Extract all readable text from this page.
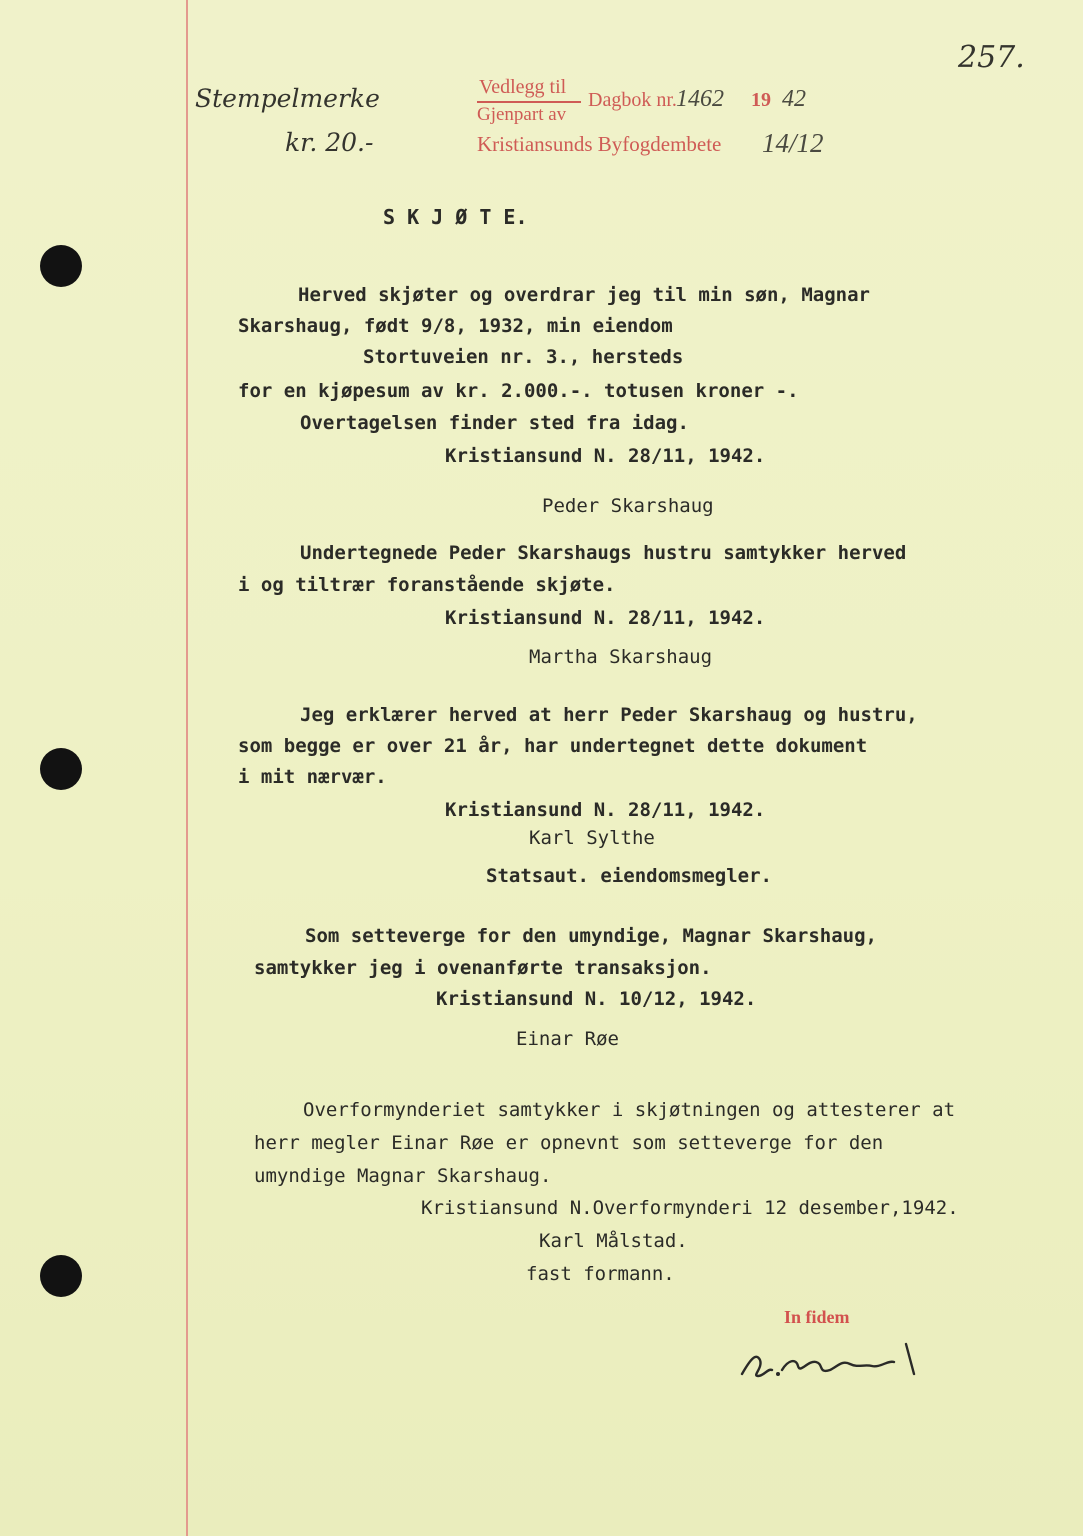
257.
Stempelmerke
kr. 20.-
Vedlegg til
Gjenpart av
Dagbok nr. 1462 19 42
Kristiansunds Byfogdembete 14/12
S K J Ø T E.
Herved skjøter og overdrar jeg til min søn, Magnar
Skarshaug, født 9/8, 1932, min eiendom
Stortuveien nr. 3., hersteds
for en kjøpesum av kr. 2.000.-. totusen kroner -.
Overtagelsen finder sted fra idag.
Kristiansund N. 28/11, 1942.
Peder Skarshaug
Undertegnede Peder Skarshaugs hustru samtykker herved
i og tiltrær foranstående skjøte.
Kristiansund N. 28/11, 1942.
Martha Skarshaug
Jeg erklærer herved at herr Peder Skarshaug og hustru,
som begge er over 21 år, har undertegnet dette dokument
i mit nærvær.
Kristiansund N. 28/11, 1942.
Karl Sylthe
Statsaut. eiendomsmegler.
Som setteverge for den umyndige, Magnar Skarshaug,
samtykker jeg i ovenanførte transaksjon.
Kristiansund N. 10/12, 1942.
Einar Røe
Overformynderiet samtykker i skjøtningen og attesterer at
herr megler Einar Røe er opnevnt som setteverge for den
umyndige Magnar Skarshaug.
Kristiansund N.Overformynderi 12 desember,1942.
Karl Målstad.
fast formann.
In fidem
